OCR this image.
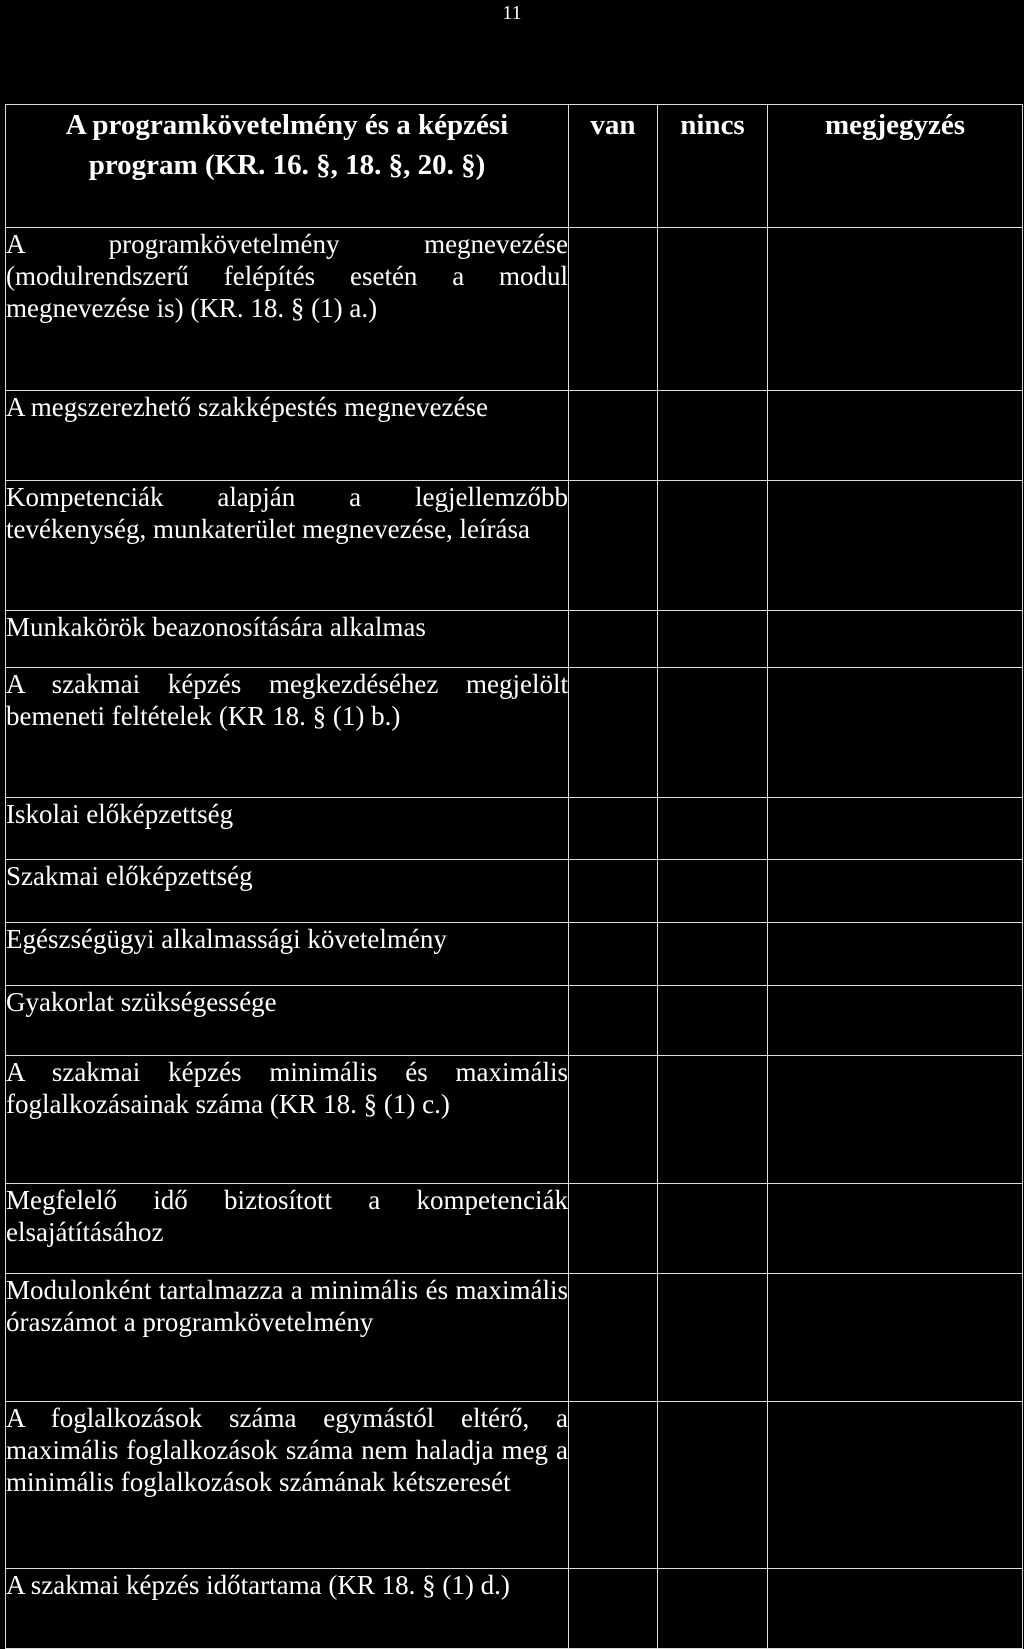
11
A programkövetelmény és a képzési program (KR. 16. §, 18. §, 20. §)	van	nincs	megjegyzés
A programkövetelmény megnevezése (modulrendszerű felépítés esetén a modul megnevezése is) (KR. 18. § (1) a.)			
A megszerezhető szakképestés megnevezése			
Kompetenciák alapján a legjellemzőbb tevékenység, munkaterület megnevezése, leírása			
Munkakörök beazonosítására alkalmas			
A szakmai képzés megkezdéséhez megjelölt bemeneti feltételek (KR 18. § (1) b.)			
Iskolai előképzettség			
Szakmai előképzettség			
Egészségügyi alkalmassági követelmény			
Gyakorlat szükségessége			
A szakmai képzés minimális és maximális foglalkozásainak száma (KR 18. § (1) c.)			
Megfelelő idő biztosított a kompetenciák elsajátításához			
Modulonként tartalmazza a minimális és maximális óraszámot a programkövetelmény			
A foglalkozások száma egymástól eltérő, a maximális foglalkozások száma nem haladja meg a minimális foglalkozások számának kétszeresét			
A szakmai képzés időtartama (KR 18. § (1) d.)			
